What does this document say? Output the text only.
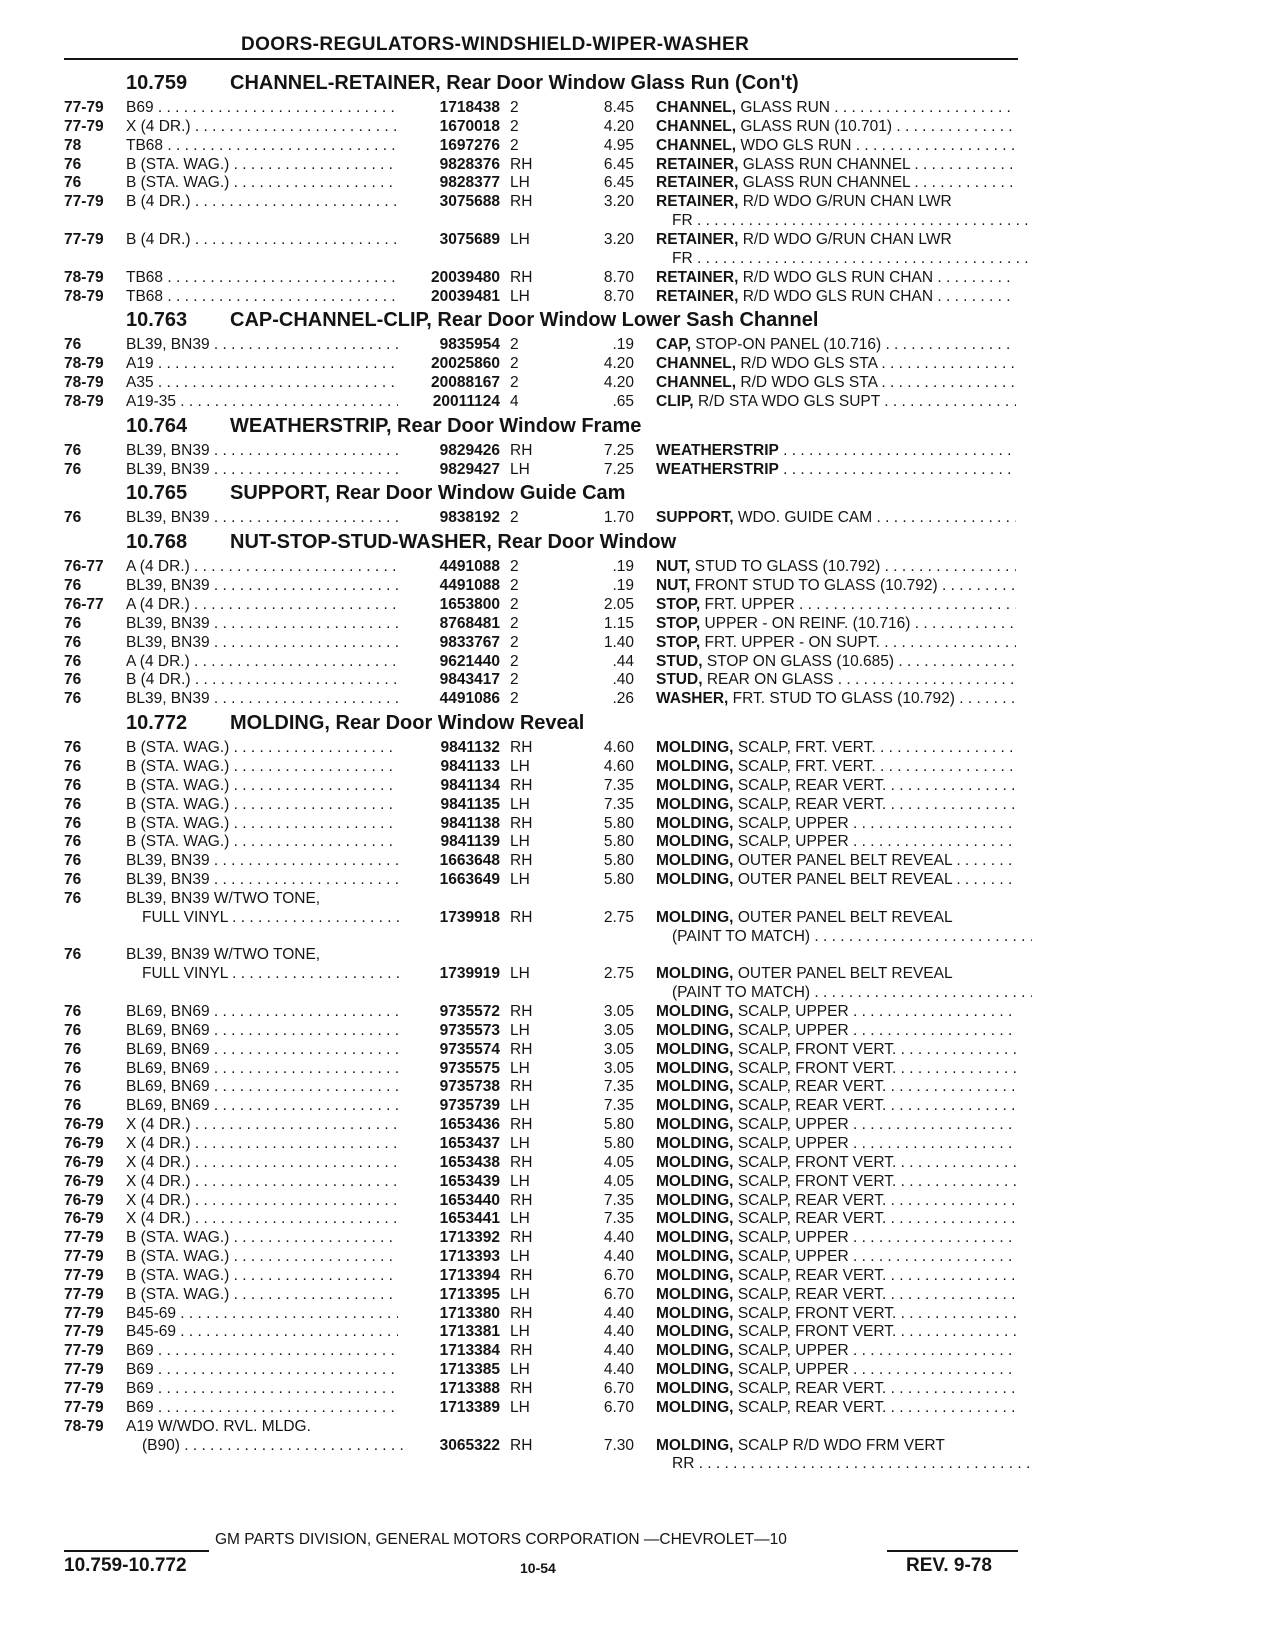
DOORS-REGULATORS-WINDSHIELD-WIPER-WASHER
10.759 CHANNEL-RETAINER, Rear Door Window Glass Run (Con't)
77-79 B69 . . .	1718438 2	8.45 CHANNEL, GLASS RUN . . .
77-79 X (4 DR.) . . .	1670018 2	4.20 CHANNEL, GLASS RUN (10.701) . . .
78	TB68 . . .	1697276 2	4.95 CHANNEL, WDO GLS RUN . . .
76	B (STA. WAG.) . . .	9828376 RH	6.45 RETAINER, GLASS RUN CHANNEL . . .
76	B (STA. WAG.) . . .	9828377 LH	6.45 RETAINER, GLASS RUN CHANNEL . . .
77-79 B (4 DR.) . . .	3075688 RH	3.20 RETAINER, R/D WDO G/RUN CHAN LWR
FR . . .
77-79 B (4 DR.) . . .	3075689 LH	3.20 RETAINER, R/D WDO G/RUN CHAN LWR
FR . . .
78-79 TB68 . . .	20039480 RH	8.70 RETAINER, R/D WDO GLS RUN CHAN . . .
78-79 TB68 . . .	20039481 LH	8.70 RETAINER, R/D WDO GLS RUN CHAN . . .
10.763 CAP-CHANNEL-CLIP, Rear Door Window Lower Sash Channel
76	BL39, BN39 . . .	9835954 2	.19 CAP, STOP-ON PANEL (10.716) . . .
78-79 A19 . . .	20025860 2	4.20 CHANNEL, R/D WDO GLS STA . . .
78-79 A35 . . .	20088167 2	4.20 CHANNEL, R/D WDO GLS STA . . .
78-79 A19-35 . . .	20011124 4	.65 CLIP, R/D STA WDO GLS SUPT . . .
10.764 WEATHERSTRIP, Rear Door Window Frame
76	BL39, BN39 . . .	9829426 RH	7.25 WEATHERSTRIP . . .
76	BL39, BN39 . . .	9829427 LH	7.25 WEATHERSTRIP . . .
10.765 SUPPORT, Rear Door Window Guide Cam
76	BL39, BN39 . . .	9838192 2	1.70 SUPPORT, WDO. GUIDE CAM . . .
10.768 NUT-STOP-STUD-WASHER, Rear Door Window
76-77 A (4 DR.) . . .	4491088 2	.19 NUT, STUD TO GLASS (10.792) . . .
76	BL39, BN39 . . .	4491088 2	.19 NUT, FRONT STUD TO GLASS (10.792) . . .
76-77 A (4 DR.) . . .	1653800 2	2.05 STOP, FRT. UPPER . . .
76	BL39, BN39 . . .	8768481 2	1.15 STOP, UPPER - ON REINF. (10.716) . . .
76	BL39, BN39 . . .	9833767 2	1.40 STOP, FRT. UPPER - ON SUPT. . . .
76	A (4 DR.) . . .	9621440 2	.44 STUD, STOP ON GLASS (10.685) . . .
76	B (4 DR.) . . .	9843417 2	.40 STUD, REAR ON GLASS . . .
76	BL39, BN39 . . .	4491086 2	.26 WASHER, FRT. STUD TO GLASS (10.792) . . .
10.772 MOLDING, Rear Door Window Reveal
76	B (STA. WAG.) . . .	9841132 RH	4.60 MOLDING, SCALP, FRT. VERT. . . .
76	B (STA. WAG.) . . .	9841133 LH	4.60 MOLDING, SCALP, FRT. VERT. . . .
76	B (STA. WAG.) . . .	9841134 RH	7.35 MOLDING, SCALP, REAR VERT. . . .
76	B (STA. WAG.) . . .	9841135 LH	7.35 MOLDING, SCALP, REAR VERT. . . .
76	B (STA. WAG.) . . .	9841138 RH	5.80 MOLDING, SCALP, UPPER . . .
76	B (STA. WAG.) . . .	9841139 LH	5.80 MOLDING, SCALP, UPPER . . .
76	BL39, BN39 . . .	1663648 RH	5.80 MOLDING, OUTER PANEL BELT REVEAL . . .
76	BL39, BN39 . . .	1663649 LH	5.80 MOLDING, OUTER PANEL BELT REVEAL . . .
76	BL39, BN39 W/TWO TONE,
FULL VINYL . . .	1739918 RH	2.75 MOLDING, OUTER PANEL BELT REVEAL
(PAINT TO MATCH) . . .
76	BL39, BN39 W/TWO TONE,
FULL VINYL . . .	1739919 LH	2.75 MOLDING, OUTER PANEL BELT REVEAL
(PAINT TO MATCH) . . .
76	BL69, BN69 . . .	9735572 RH	3.05 MOLDING, SCALP, UPPER . . .
76	BL69, BN69 . . .	9735573 LH	3.05 MOLDING, SCALP, UPPER . . .
76	BL69, BN69 . . .	9735574 RH	3.05 MOLDING, SCALP, FRONT VERT. . . .
76	BL69, BN69 . . .	9735575 LH	3.05 MOLDING, SCALP, FRONT VERT. . . .
76	BL69, BN69 . . .	9735738 RH	7.35 MOLDING, SCALP, REAR VERT. . . .
76	BL69, BN69 . . .	9735739 LH	7.35 MOLDING, SCALP, REAR VERT. . . .
76-79 X (4 DR.) . . .	1653436 RH	5.80 MOLDING, SCALP, UPPER . . .
76-79 X (4 DR.) . . .	1653437 LH	5.80 MOLDING, SCALP, UPPER . . .
76-79 X (4 DR.) . . .	1653438 RH	4.05 MOLDING, SCALP, FRONT VERT. . . .
76-79 X (4 DR.) . . .	1653439 LH	4.05 MOLDING, SCALP, FRONT VERT. . . .
76-79 X (4 DR.) . . .	1653440 RH	7.35 MOLDING, SCALP, REAR VERT. . . .
76-79 X (4 DR.) . . .	1653441 LH	7.35 MOLDING, SCALP, REAR VERT. . . .
77-79 B (STA. WAG.) . . .	1713392 RH	4.40 MOLDING, SCALP, UPPER . . .
77-79 B (STA. WAG.) . . .	1713393 LH	4.40 MOLDING, SCALP, UPPER . . .
77-79 B (STA. WAG.) . . .	1713394 RH	6.70 MOLDING, SCALP, REAR VERT. . . .
77-79 B (STA. WAG.) . . .	1713395 LH	6.70 MOLDING, SCALP, REAR VERT. . . .
77-79 B45-69 . . .	1713380 RH	4.40 MOLDING, SCALP, FRONT VERT. . . .
77-79 B45-69 . . .	1713381 LH	4.40 MOLDING, SCALP, FRONT VERT. . . .
77-79 B69 . . .	1713384 RH	4.40 MOLDING, SCALP, UPPER . . .
77-79 B69 . . .	1713385 LH	4.40 MOLDING, SCALP, UPPER . . .
77-79 B69 . . .	1713388 RH	6.70 MOLDING, SCALP, REAR VERT. . . .
77-79 B69 . . .	1713389 LH	6.70 MOLDING, SCALP, REAR VERT. . . .
78-79 A19 W/WDO. RVL. MLDG.
(B90) . . .	3065322 RH	7.30 MOLDING, SCALP R/D WDO FRM VERT
RR . . .
GM PARTS DIVISION, GENERAL MOTORS CORPORATION —CHEVROLET—10
10.759-10.772	10-54	REV. 9-78
